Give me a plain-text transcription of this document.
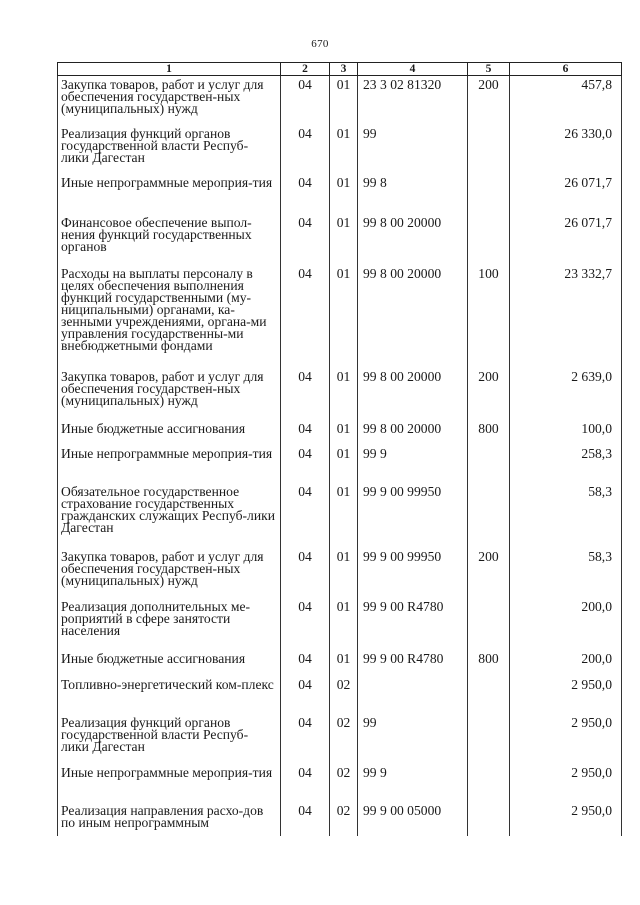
670
1	2	3	4	5	6

Закупка товаров, работ и услуг для обеспечения государствен-ных (муниципальных) нужд	04	01	23 3 02 81320	200	457,8

Реализация функций органов государственной власти Респуб-лики Дагестан	04	01	99		26 330,0

Иные непрограммные мероприя-тия	04	01	99 8		26 071,7

Финансовое обеспечение выпол-нения функций государственных органов	04	01	99 8 00 20000		26 071,7

Расходы на выплаты персоналу в целях обеспечения выполнения функций государственными (му-ниципальными) органами, ка-зенными учреждениями, органа-ми управления государственны-ми внебюджетными фондами	04	01	99 8 00 20000	100	23 332,7

Закупка товаров, работ и услуг для обеспечения государствен-ных (муниципальных) нужд	04	01	99 8 00 20000	200	2 639,0

Иные бюджетные ассигнования	04	01	99 8 00 20000	800	100,0

Иные непрограммные мероприя-тия	04	01	99 9		258,3

Обязательное государственное страхование государственных гражданских служащих Респуб-лики Дагестан	04	01	99 9 00 99950		58,3

Закупка товаров, работ и услуг для обеспечения государствен-ных (муниципальных) нужд	04	01	99 9 00 99950	200	58,3

Реализация дополнительных ме-роприятий в сфере занятости населения	04	01	99 9 00 R4780		200,0

Иные бюджетные ассигнования	04	01	99 9 00 R4780	800	200,0

Топливно-энергетический ком-плекс	04	02			2 950,0

Реализация функций органов государственной власти Респуб-лики Дагестан	04	02	99		2 950,0

Иные непрограммные мероприя-тия	04	02	99 9		2 950,0

Реализация направления расхо-дов по иным непрограммным	04	02	99 9 00 05000		2 950,0
